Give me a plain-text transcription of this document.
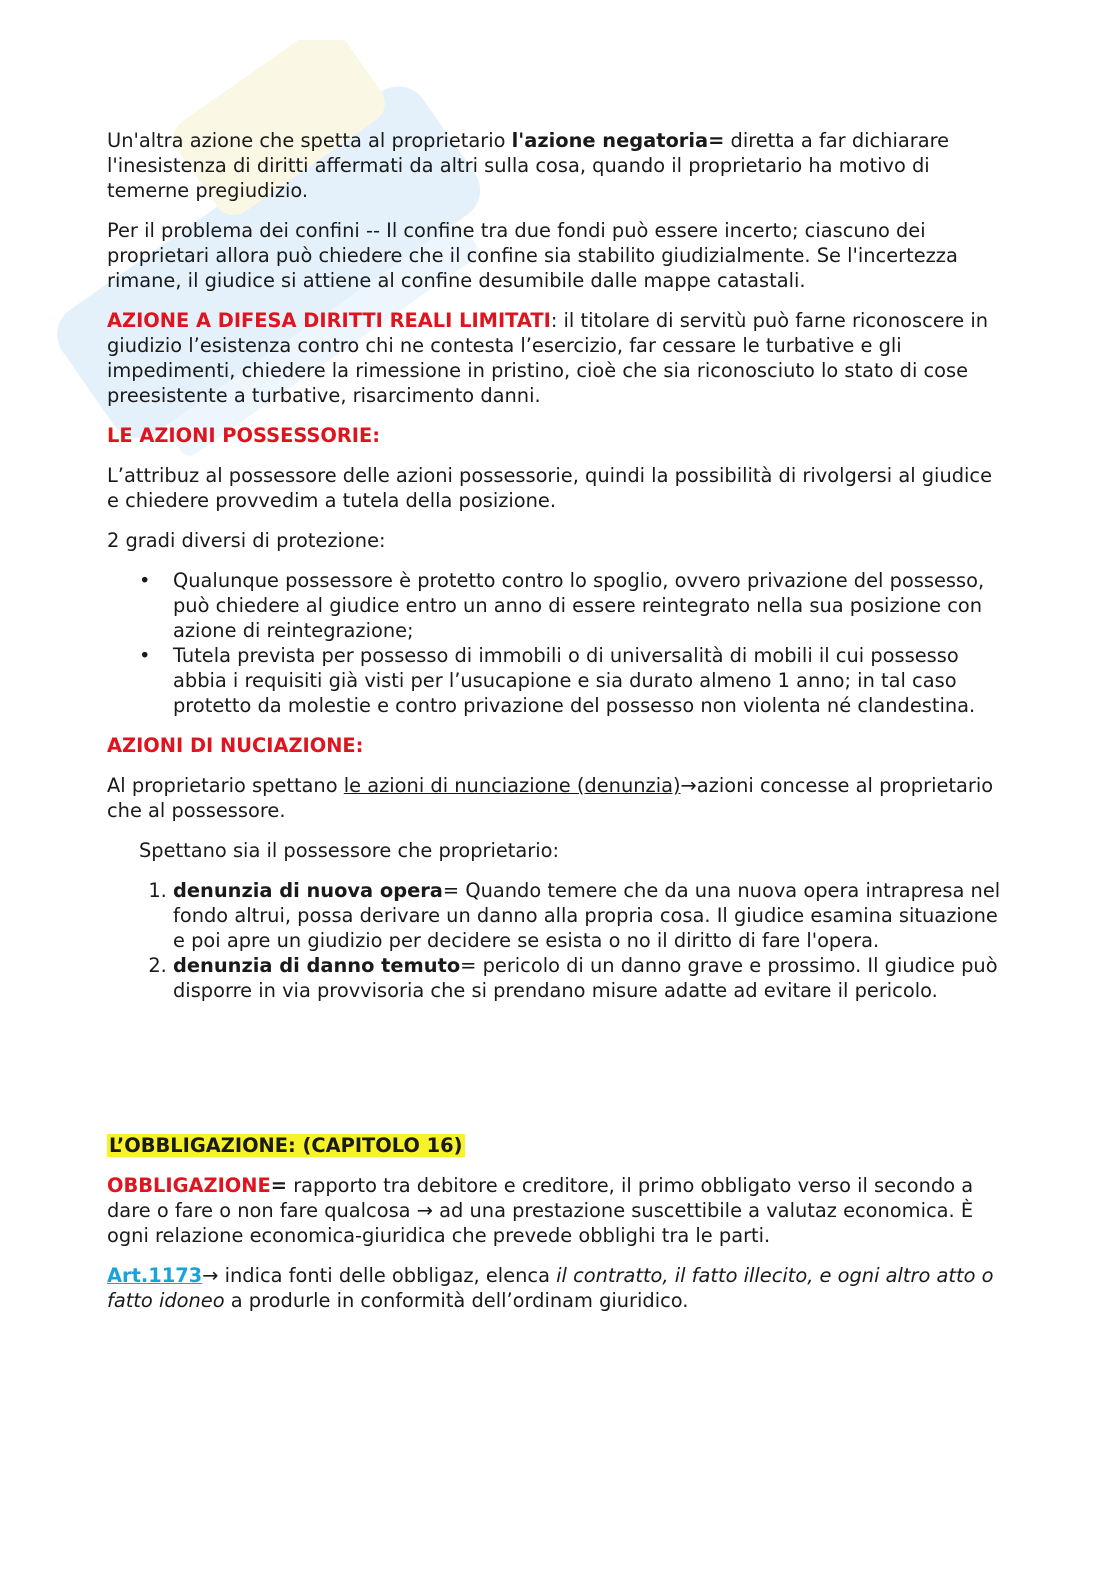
Un'altra azione che spetta al proprietario l'azione negatoria= diretta a far dichiarare l'inesistenza di diritti affermati da altri sulla cosa, quando il proprietario ha motivo di temerne pregiudizio.

Per il problema dei confini -- Il confine tra due fondi può essere incerto; ciascuno dei proprietari allora può chiedere che il confine sia stabilito giudizialmente. Se l'incertezza rimane, il giudice si attiene al confine desumibile dalle mappe catastali.

AZIONE A DIFESA DIRITTI REALI LIMITATI: il titolare di servitù può farne riconoscere in giudizio l’esistenza contro chi ne contesta l’esercizio, far cessare le turbative e gli impedimenti, chiedere la rimessione in pristino, cioè che sia riconosciuto lo stato di cose preesistente a turbative, risarcimento danni.

LE AZIONI POSSESSORIE:

L’attribuz al possessore delle azioni possessorie, quindi la possibilità di rivolgersi al giudice e chiedere provvedim a tutela della posizione.

2 gradi diversi di protezione:

• Qualunque possessore è protetto contro lo spoglio, ovvero privazione del possesso, può chiedere al giudice entro un anno di essere reintegrato nella sua posizione con azione di reintegrazione;
• Tutela prevista per possesso di immobili o di universalità di mobili il cui possesso abbia i requisiti già visti per l’usucapione e sia durato almeno 1 anno; in tal caso protetto da molestie e contro privazione del possesso non violenta né clandestina.

AZIONI DI NUCIAZIONE:

Al proprietario spettano le azioni di nunciazione (denunzia)→azioni concesse al proprietario che al possessore.

Spettano sia il possessore che proprietario:

1. denunzia di nuova opera= Quando temere che da una nuova opera intrapresa nel fondo altrui, possa derivare un danno alla propria cosa. Il giudice esamina situazione e poi apre un giudizio per decidere se esista o no il diritto di fare l'opera.
2. denunzia di danno temuto= pericolo di un danno grave e prossimo. Il giudice può disporre in via provvisoria che si prendano misure adatte ad evitare il pericolo.

L’OBBLIGAZIONE: (CAPITOLO 16)

OBBLIGAZIONE= rapporto tra debitore e creditore, il primo obbligato verso il secondo a dare o fare o non fare qualcosa → ad una prestazione suscettibile a valutaz economica. È ogni relazione economica-giuridica che prevede obblighi tra le parti.

Art.1173→ indica fonti delle obbligaz, elenca il contratto, il fatto illecito, e ogni altro atto o fatto idoneo a produrle in conformità dell’ordinam giuridico.
